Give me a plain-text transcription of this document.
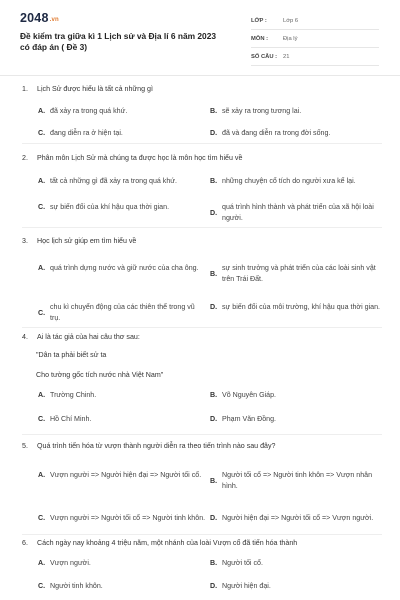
2048.vn
Đề kiểm tra giữa kì 1 Lịch sử và Địa lí 6 năm 2023 có đáp án ( Đề 3)
LỚP :	Lớp 6
MÔN :	Địa lý
SỐ CÂU :	21
1. Lịch Sử được hiểu là tất cả những gì
A. đã xảy ra trong quá khứ.	B. sẽ xảy ra trong tương lai.
C. đang diễn ra ở hiện tại.	D. đã và đang diễn ra trong đời sống.
2. Phân môn Lịch Sử mà chúng ta được học là môn học tìm hiểu về
A. tất cả những gì đã xảy ra trong quá khứ.	B. những chuyện cổ tích do người xưa kể lại.
C. sự biến đổi của khí hậu qua thời gian.
D.
quá trình hình thành và phát triển của xã hội loài người.
3. Học lịch sử giúp em tìm hiểu về
A. quá trình dựng nước và giữ nước của cha ông.
B.
sự sinh trưởng và phát triển của các loài sinh vật trên Trái Đất.
C.
chu kì chuyển động của các thiên thể trong vũ trụ.
D. sự biến đổi của môi trường, khí hậu qua thời gian.
4. Ai là tác giả của hai câu thơ sau:
"Dân ta phải biết sử ta
Cho tường gốc tích nước nhà Việt Nam"
A. Trường Chinh.	B. Võ Nguyên Giáp.
C. Hồ Chí Minh.	D. Phạm Văn Đồng.
5. Quá trình tiến hóa từ vượn thành người diễn ra theo tiến trình nào sau đây?
A. Vượn người => Người hiện đại => Người tối cổ.
B.
Người tối cổ => Người tinh khôn => Vượn nhân hình.
C. Vượn người => Người tối cổ => Người tinh khôn. D. Người hiện đại => Người tối cổ => Vượn người.
6. Cách ngày nay khoảng 4 triệu năm, một nhánh của loài Vượn cổ đã tiến hóa thành
A. Vượn người.	B. Người tối cổ.
C. Người tinh khôn.	D. Người hiện đại.
